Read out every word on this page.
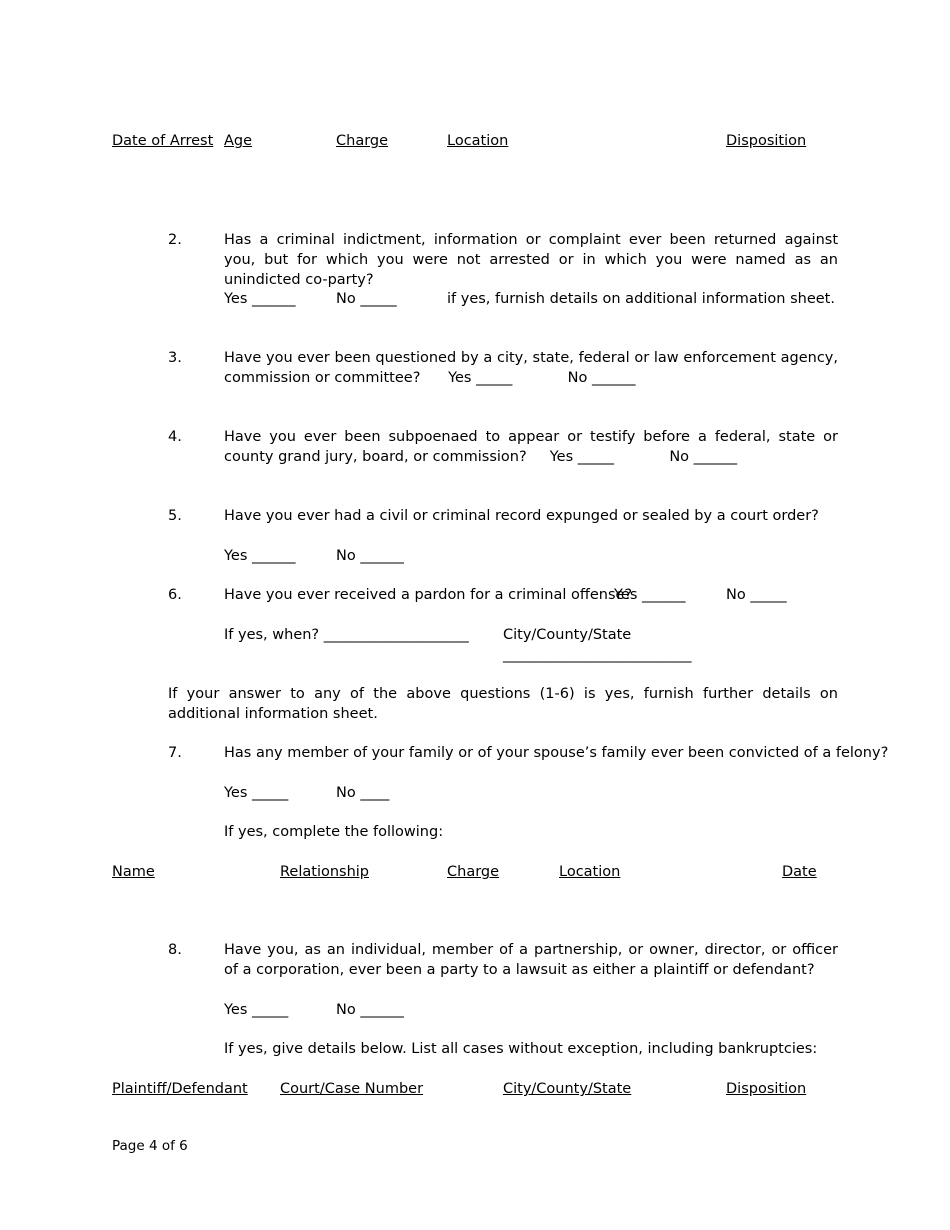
Date of Arrest Age	Charge	Location	Disposition
2.	Has a criminal indictment, information or complaint ever been returned against you, but for which you were not arrested or in which you were named as an unindicted co-party?
Yes ______	No _____	if yes, furnish details on additional information sheet.
3.	Have you ever been questioned by a city, state, federal or law enforcement agency, commission or committee? Yes _____	No ______
4.	Have you ever been subpoenaed to appear or testify before a federal, state or county grand jury, board, or commission? Yes _____	No ______
5.	Have you ever had a civil or criminal record expunged or sealed by a court order?
Yes ______	No ______
6.	Have you ever received a pardon for a criminal offense?
Yes ______	No _____
If yes, when? ____________________ City/County/State
__________________________
If your answer to any of the above questions (1-6) is yes, furnish further details on additional information sheet.
7.	Has any member of your family or of your spouse’s family ever been convicted of a felony?
Yes _____	No ____
If yes, complete the following:
Name	Relationship	Charge	Location	Date
8.	Have you, as an individual, member of a partnership, or owner, director, or officer of a corporation, ever been a party to a lawsuit as either a plaintiff or defendant?
Yes _____	No ______
If yes, give details below. List all cases without exception, including bankruptcies:
Plaintiff/Defendant Court/Case Number	City/County/State	Disposition
Page 4 of 6
